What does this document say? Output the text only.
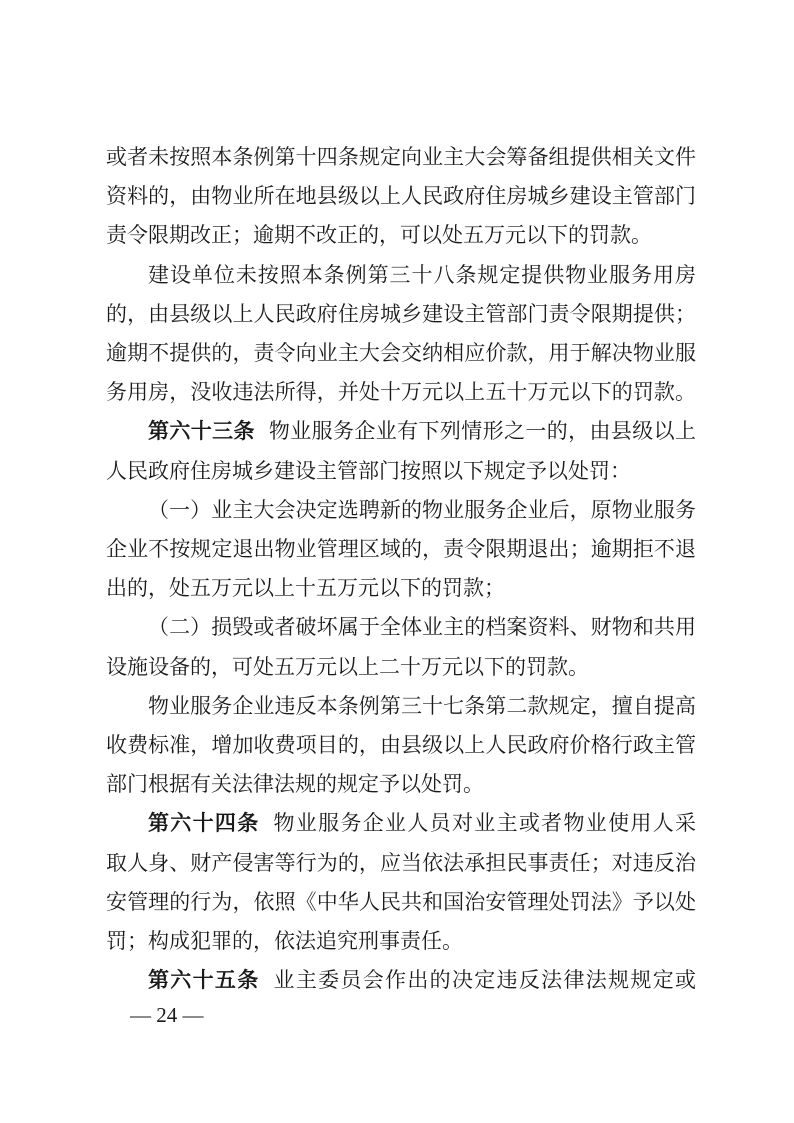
或者未按照本条例第十四条规定向业主大会筹备组提供相关文件
资料的，由物业所在地县级以上人民政府住房城乡建设主管部门
责令限期改正；逾期不改正的，可以处五万元以下的罚款。
建设单位未按照本条例第三十八条规定提供物业服务用房
的，由县级以上人民政府住房城乡建设主管部门责令限期提供；
逾期不提供的，责令向业主大会交纳相应价款，用于解决物业服
务用房，没收违法所得，并处十万元以上五十万元以下的罚款。
第六十三条 物业服务企业有下列情形之一的，由县级以上
人民政府住房城乡建设主管部门按照以下规定予以处罚：
（一）业主大会决定选聘新的物业服务企业后，原物业服务
企业不按规定退出物业管理区域的，责令限期退出；逾期拒不退
出的，处五万元以上十五万元以下的罚款；
（二）损毁或者破坏属于全体业主的档案资料、财物和共用
设施设备的，可处五万元以上二十万元以下的罚款。
物业服务企业违反本条例第三十七条第二款规定，擅自提高
收费标准，增加收费项目的，由县级以上人民政府价格行政主管
部门根据有关法律法规的规定予以处罚。
第六十四条 物业服务企业人员对业主或者物业使用人采
取人身、财产侵害等行为的，应当依法承担民事责任；对违反治
安管理的行为，依照《中华人民共和国治安管理处罚法》予以处
罚；构成犯罪的，依法追究刑事责任。
第六十五条 业主委员会作出的决定违反法律法规规定或
— 24 —
